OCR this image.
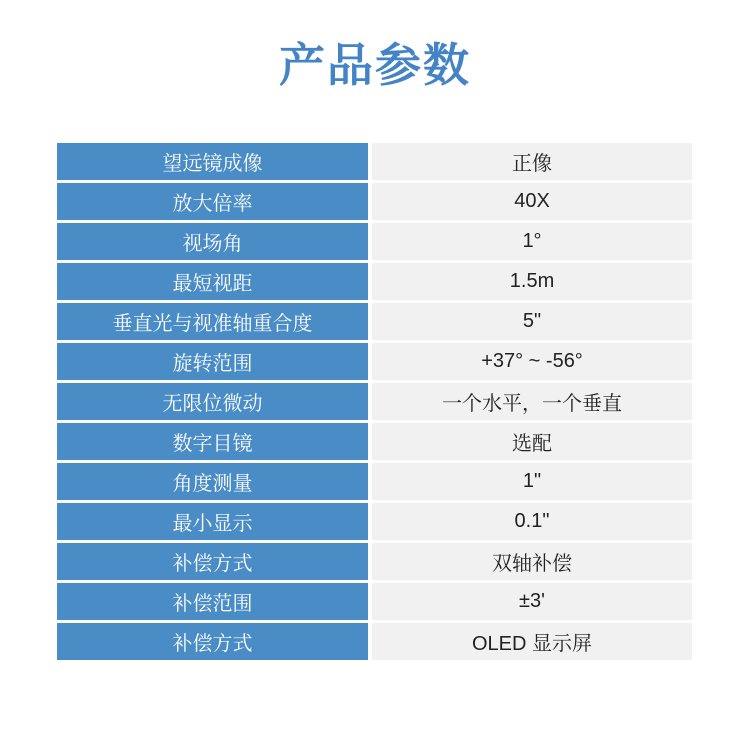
产品参数
望远镜成像	正像
放大倍率	40X
视场角	1°
最短视距	1.5m
垂直光与视准轴重合度	5"
旋转范围	+37° ~ -56°
无限位微动	一个水平，一个垂直
数字目镜	选配
角度测量	1"
最小显示	0.1"
补偿方式	双轴补偿
补偿范围	±3'
补偿方式	OLED 显示屏
